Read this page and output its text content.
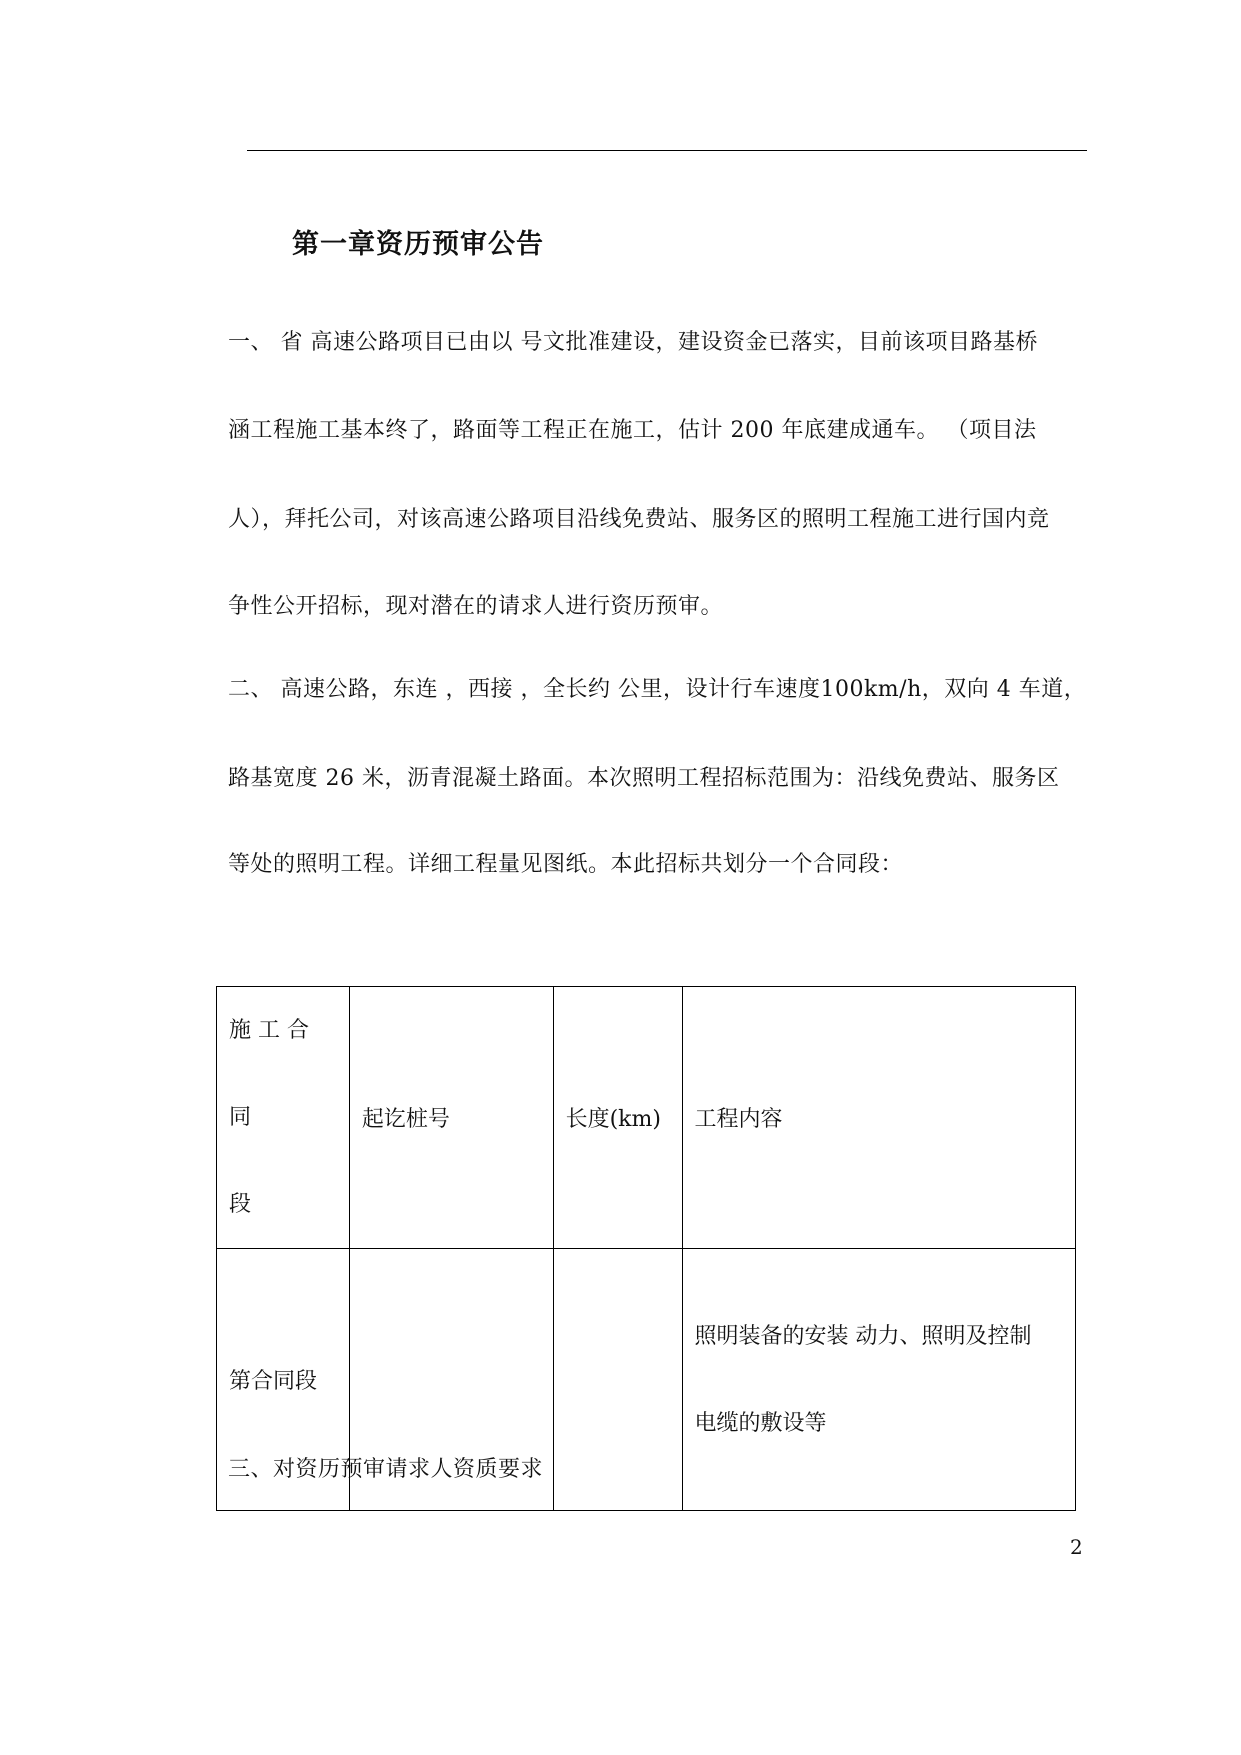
第一章资历预审公告
一、 省 高速公路项目已由以 号文批准建设，建设资金已落实，目前该项目路基桥
涵工程施工基本终了，路面等工程正在施工，估计 200 年底建成通车。 （项目法
人），拜托公司，对该高速公路项目沿线免费站、服务区的照明工程施工进行国内竞
争性公开招标，现对潜在的请求人进行资历预审。
二、 高速公路，东连 ，西接 ，全长约 公里，设计行车速度100km/h，双向 4 车道，
路基宽度 26 米，沥青混凝土路面。本次照明工程招标范围为：沿线免费站、服务区
等处的照明工程。详细工程量见图纸。本此招标共划分一个合同段：
施 工 合 同
段	起讫桩号	长度(km)	工程内容
第合同段			照明装备的安装 动力、照明及控制
电缆的敷设等
三、对资历预审请求人资质要求
2
